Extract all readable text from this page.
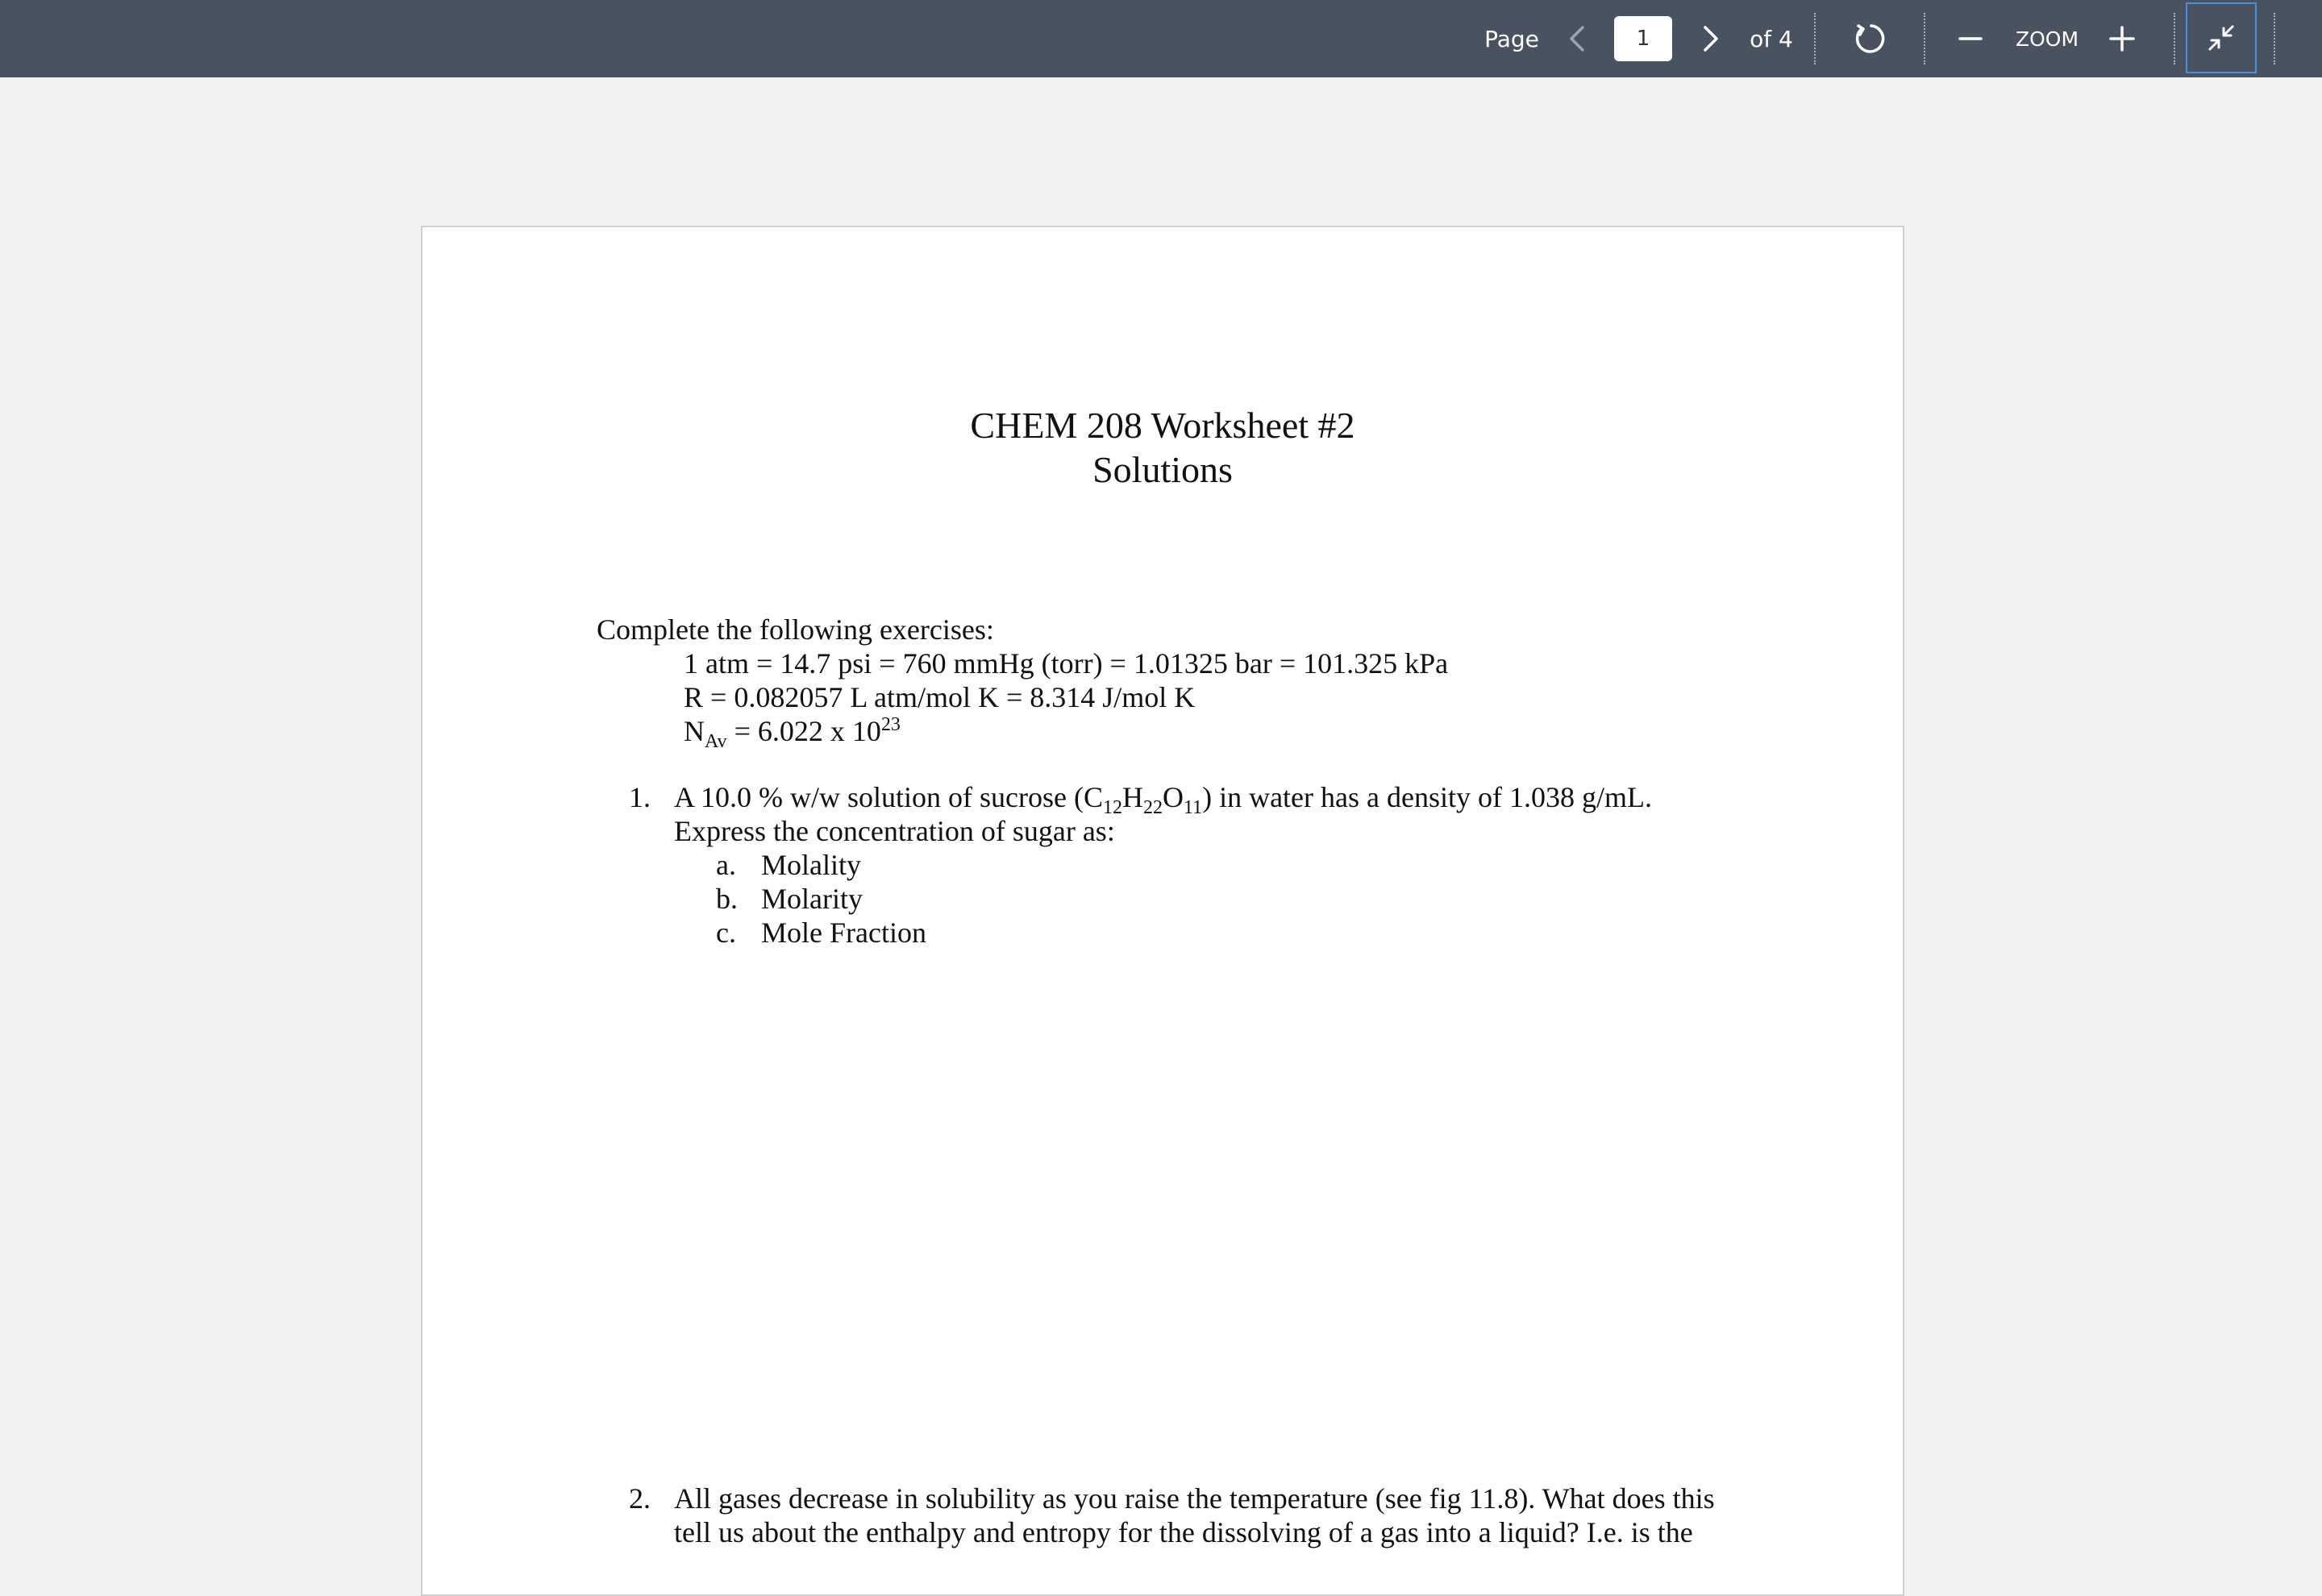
Page
1	of 4	ZOOM
CHEM 208 Worksheet #2
Solutions
Complete the following exercises:
1 atm = 14.7 psi = 760 mmHg (torr) = 1.01325 bar = 101.325 kPa
R = 0.082057 L atm/mol K = 8.314 J/mol K
$N_{Av} = 6.022$ x $10^{23}$
1. A 10.0 % w/w solution of sucrose $(C_{12}H_{22}O_{11})$ in water has a density of 1.038 g/mL.
Express the concentration of sugar as:
a. Molality
b. Molarity
c. Mole Fraction
2. All gases decrease in solubility as you raise the temperature (see fig 11.8). What does this
tell us about the enthalpy and entropy for the dissolving of a gas into a liquid? I.e. is the
